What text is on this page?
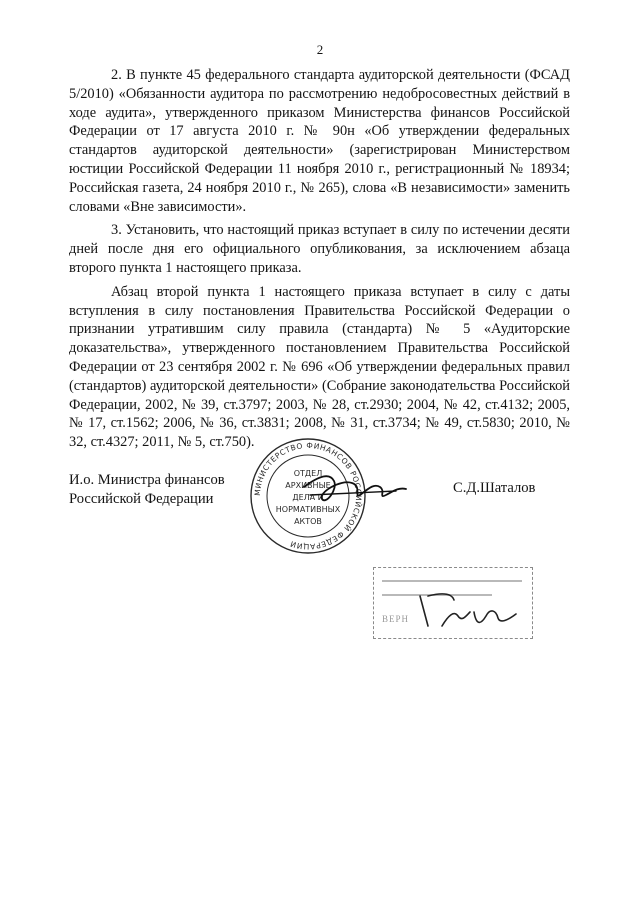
2

2. В пункте 45 федерального стандарта аудиторской деятельности (ФСАД 5/2010) «Обязанности аудитора по рассмотрению недобросовестных действий в ходе аудита», утвержденного приказом Министерства финансов Российской Федерации от 17 августа 2010 г. № 90н «Об утверждении федеральных стандартов аудиторской деятельности» (зарегистрирован Министерством юстиции Российской Федерации 11 ноября 2010 г., регистрационный № 18934; Российская газета, 24 ноября 2010 г., № 265), слова «В независимости» заменить словами «Вне зависимости».

3. Установить, что настоящий приказ вступает в силу по истечении десяти дней после дня его официального опубликования, за исключением абзаца второго пункта 1 настоящего приказа.

Абзац второй пункта 1 настоящего приказа вступает в силу с даты вступления в силу постановления Правительства Российской Федерации о признании утратившим силу правила (стандарта) № 5 «Аудиторские доказательства», утвержденного постановлением Правительства Российской Федерации от 23 сентября 2002 г. № 696 «Об утверждении федеральных правил (стандартов) аудиторской деятельности» (Собрание законодательства Российской Федерации, 2002, № 39, ст.3797; 2003, № 28, ст.2930; 2004, № 42, ст.4132; 2005, № 17, ст.1562; 2006, № 36, ст.3831; 2008, № 31, ст.3734; № 49, ст.5830; 2010, № 32, ст.4327; 2011, № 5, ст.750).

И.о. Министра финансов
Российской Федерации
С.Д.Шаталов
МИНИСТЕРСТВО ФИНАНСОВ РОССИЙСКОЙ ФЕДЕРАЦИИ
ОТДЕЛ
АРХИВНЫЕ
ДЕЛА И
НОРМАТИВНЫХ
АКТОВ
ВЕРН
